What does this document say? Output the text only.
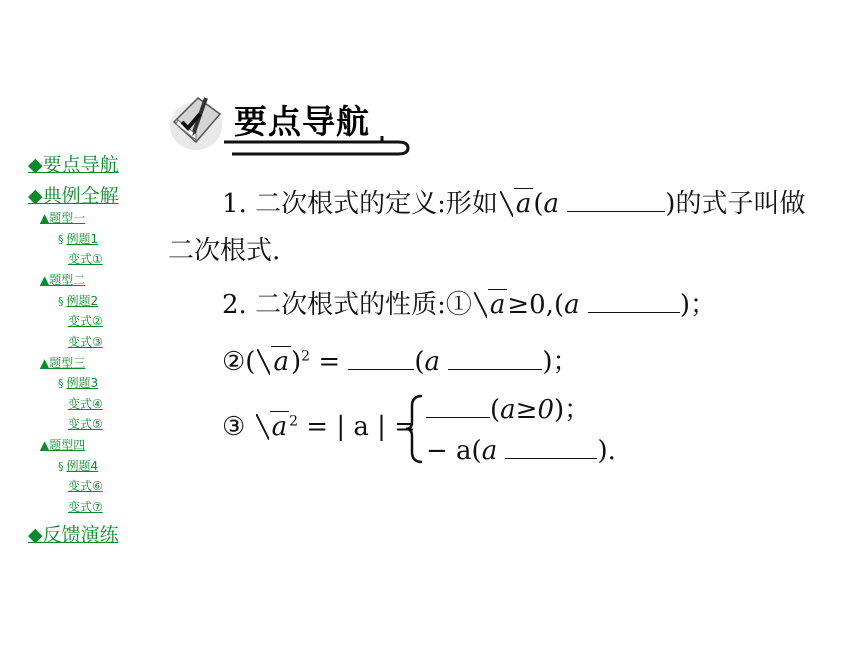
要点导航
◆要点导航
◆典例全解
▲题型一
§ 例题1
变式①
▲题型二
§ 例题2
变式②
变式③
▲题型三
§ 例题3
变式④
变式⑤
▲题型四
§ 例题4
变式⑥
变式⑦
◆反馈演练
1. 二次根式的定义:形如 a(a	)的式子叫做
二次根式.
2. 二次根式的性质:① a≥0,(a	)；
②( a)$^2$ =	(a	)；
③ a $^2$ = | a | =
(a≥0)；
− a(a	).
